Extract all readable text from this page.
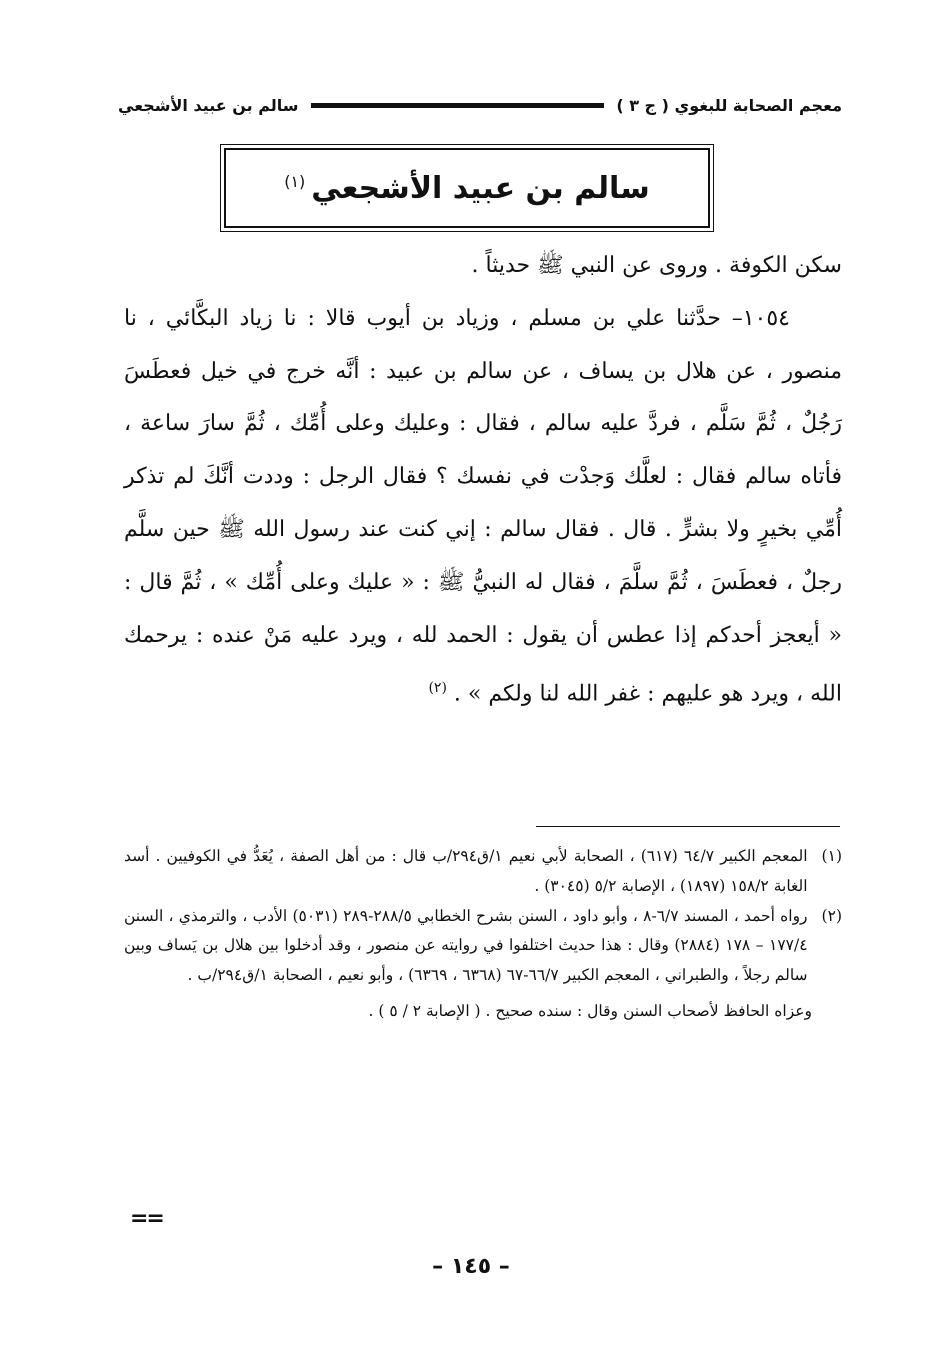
معجم الصحابة للبغوي ( ج ٣ )
سالم بن عبيد الأشجعي
سالم بن عبيد الأشجعي$^{(١)}$

سكن الكوفة . وروى عن النبي ﷺ حديثاً .

١٠٥٤– حدَّثنا علي بن مسلم ، وزياد بن أيوب قالا : نا زياد البكَّائي ، نا منصور ، عن هلال بن يساف ، عن سالم بن عبيد : أنَّه خرج في خيل فعطَسَ رَجُلٌ ، ثُمَّ سَلَّم ، فردَّ عليه سالم ، فقال : وعليك وعلى أُمِّك ، ثُمَّ سارَ ساعة ، فأتاه سالم فقال : لعلَّك وَجدْت في نفسك ؟ فقال الرجل : وددت أنَّكَ لم تذكر أُمِّي بخيرٍ ولا بشرٍّ . قال . فقال سالم : إني كنت عند رسول الله ﷺ حين سلَّم رجلٌ ، فعطَسَ ، ثُمَّ سلَّمَ ، فقال له النبيُّ ﷺ : « عليك وعلى أُمِّك » ، ثُمَّ قال : « أيعجز أحدكم إذا عطس أن يقول : الحمد لله ، ويرد عليه مَنْ عنده : يرحمك الله ، ويرد هو عليهم : غفر الله لنا ولكم » . $^{(٢)}$

(١)
المعجم الكبير ٦٤/٧ (٦١٧) ، الصحابة لأبي نعيم ١/ق٢٩٤/ب قال : من أهل الصفة ، يُعَدُّ في الكوفيين . أسد الغابة ١٥٨/٢ (١٨٩٧) ، الإصابة ٥/٢ (٣٠٤٥) .
(٢)
رواه أحمد ، المسند ٦/٧-٨ ، وأبو داود ، السنن بشرح الخطابي ٢٨٨/٥-٢٨٩ (٥٠٣١) الأدب ، والترمذي ، السنن ١٧٧/٤ – ١٧٨ (٢٨٨٤) وقال : هذا حديث اختلفوا في روايته عن منصور ، وقد أدخلوا بين هلال بن يَساف وبين سالم رجلاً ، والطبراني ، المعجم الكبير ٦٦/٧-٦٧ (٦٣٦٨ ، ٦٣٦٩) ، وأبو نعيم ، الصحابة ١/ق٢٩٤/ب .
وعزاه الحافظ لأصحاب السنن وقال : سنده صحيح . ( الإصابة ٢ / ٥ ) .
==
– ١٤٥ –
